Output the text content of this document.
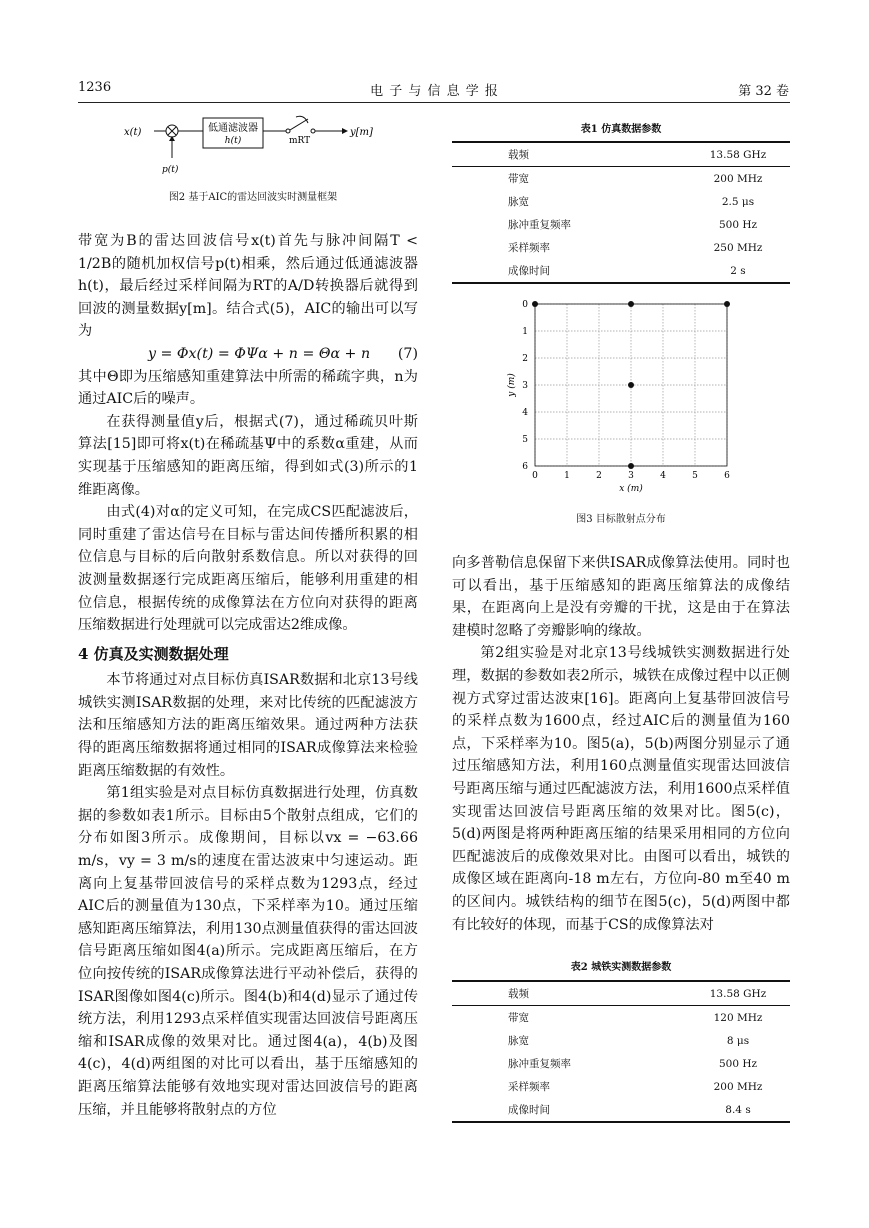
1236	电 子 与 信 息 学 报	第 32 卷
x(t)
p(t)
低通滤波器
h(t)	mRT
y[m]
图2 基于AIC的雷达回波实时测量框架

带宽为B的雷达回波信号x(t)首先与脉冲间隔T < 1/2B的随机加权信号p(t)相乘，然后通过低通滤波器h(t)，最后经过采样间隔为RT的A/D转换器后就得到回波的测量数据y[m]。结合式(5)，AIC的输出可以写为

y = Φx(t) = ΦΨα + n = Θα + n (7)

其中Θ即为压缩感知重建算法中所需的稀疏字典，n为通过AIC后的噪声。

在获得测量值y后，根据式(7)，通过稀疏贝叶斯算法[15]即可将x(t)在稀疏基Ψ中的系数α重建，从而实现基于压缩感知的距离压缩，得到如式(3)所示的1维距离像。

由式(4)对α的定义可知，在完成CS匹配滤波后，同时重建了雷达信号在目标与雷达间传播所积累的相位信息与目标的后向散射系数信息。所以对获得的回波测量数据逐行完成距离压缩后，能够利用重建的相位信息，根据传统的成像算法在方位向对获得的距离压缩数据进行处理就可以完成雷达2维成像。

4 仿真及实测数据处理

本节将通过对点目标仿真ISAR数据和北京13号线城铁实测ISAR数据的处理，来对比传统的匹配滤波方法和压缩感知方法的距离压缩效果。通过两种方法获得的距离压缩数据将通过相同的ISAR成像算法来检验距离压缩数据的有效性。

第1组实验是对点目标仿真数据进行处理，仿真数据的参数如表1所示。目标由5个散射点组成，它们的分布如图3所示。成像期间，目标以vx = −63.66 m/s，vy = 3 m/s的速度在雷达波束中匀速运动。距离向上复基带回波信号的采样点数为1293点，经过AIC后的测量值为130点，下采样率为10。通过压缩感知距离压缩算法，利用130点测量值获得的雷达回波信号距离压缩如图4(a)所示。完成距离压缩后，在方位向按传统的ISAR成像算法进行平动补偿后，获得的ISAR图像如图4(c)所示。图4(b)和4(d)显示了通过传统方法，利用1293点采样值实现雷达回波信号距离压缩和ISAR成像的效果对比。通过图4(a)，4(b)及图4(c)，4(d)两组图的对比可以看出，基于压缩感知的距离压缩算法能够有效地实现对雷达回波信号的距离压缩，并且能够将散射点的方位

表1 仿真数据参数
载频	13.58 GHz
带宽	200 MHz
脉宽	2.5 μs
脉冲重复频率	500 Hz
采样频率	250 MHz
成像时间	2 s
y (m)
x (m)
0	1	2	3	4	5	6
0
1
2
3
4
5
6
图3 目标散射点分布

向多普勒信息保留下来供ISAR成像算法使用。同时也可以看出，基于压缩感知的距离压缩算法的成像结果，在距离向上是没有旁瓣的干扰，这是由于在算法建模时忽略了旁瓣影响的缘故。

第2组实验是对北京13号线城铁实测数据进行处理，数据的参数如表2所示，城铁在成像过程中以正侧视方式穿过雷达波束[16]。距离向上复基带回波信号的采样点数为1600点，经过AIC后的测量值为160点，下采样率为10。图5(a)，5(b)两图分别显示了通过压缩感知方法，利用160点测量值实现雷达回波信号距离压缩与通过匹配滤波方法，利用1600点采样值实现雷达回波信号距离压缩的效果对比。图5(c)，5(d)两图是将两种距离压缩的结果采用相同的方位向匹配滤波后的成像效果对比。由图可以看出，城铁的成像区域在距离向-18 m左右，方位向-80 m至40 m的区间内。城铁结构的细节在图5(c)，5(d)两图中都有比较好的体现，而基于CS的成像算法对

表2 城铁实测数据参数
载频	13.58 GHz
带宽	120 MHz
脉宽	8 μs
脉冲重复频率	500 Hz
采样频率	200 MHz
成像时间	8.4 s
